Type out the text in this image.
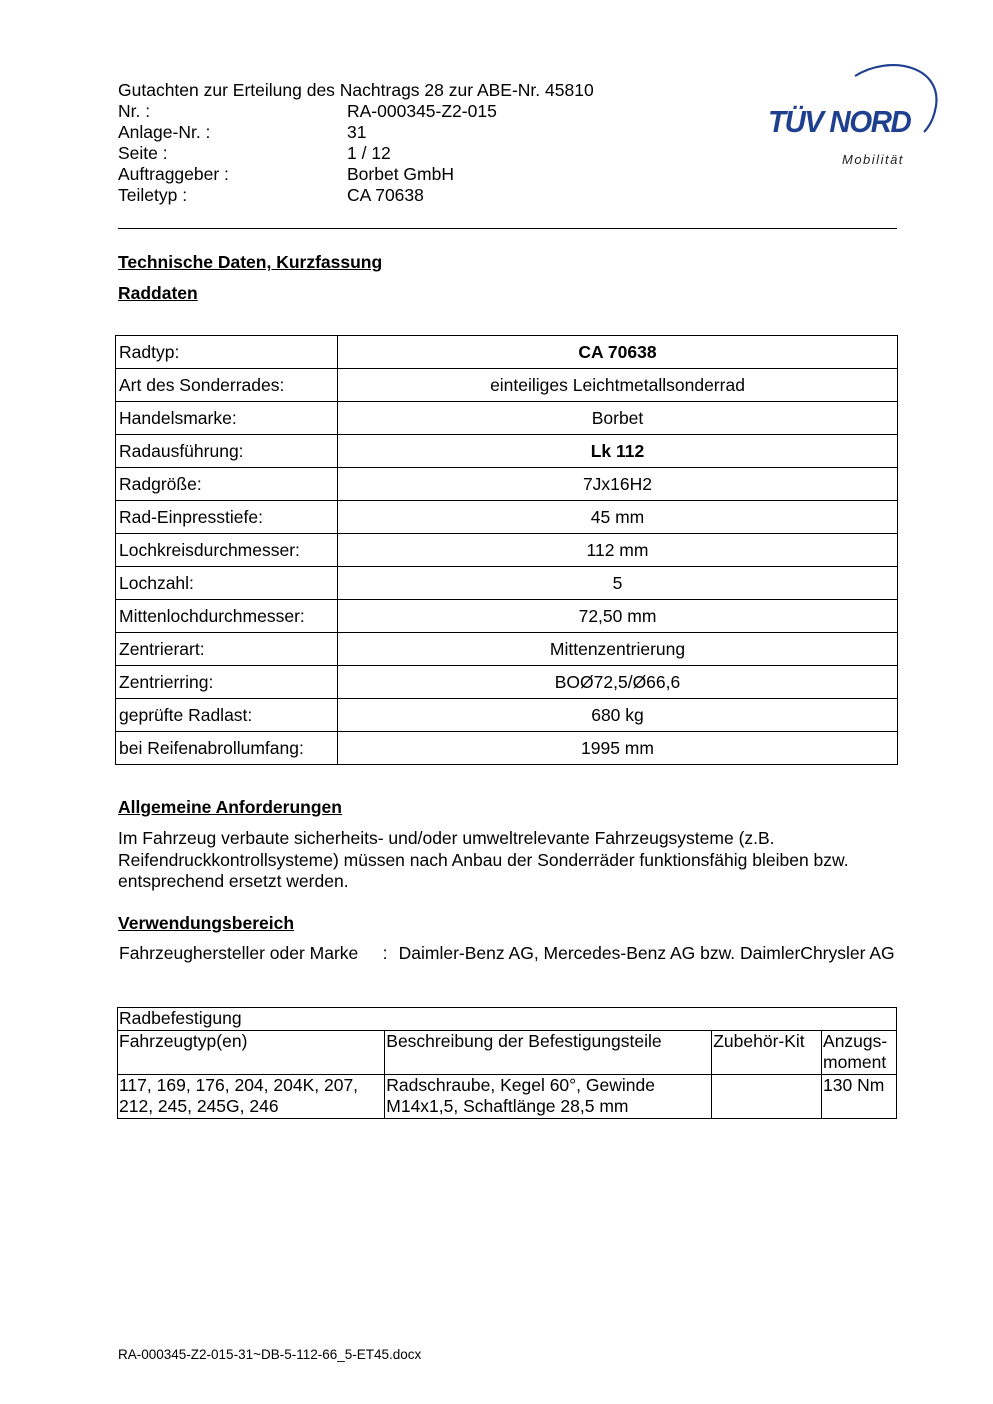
Gutachten zur Erteilung des Nachtrags 28 zur ABE-Nr. 45810
Nr. :	RA-000345-Z2-015
Anlage-Nr. :	31
Seite :	1 / 12
Auftraggeber :	Borbet GmbH
Teiletyp :	CA 70638
TÜV NORD
Mobilität
Technische Daten, Kurzfassung
Raddaten
Radtyp:	CA 70638
Art des Sonderrades:	einteiliges Leichtmetallsonderrad
Handelsmarke:	Borbet
Radausführung:	Lk 112
Radgröße:	7Jx16H2
Rad-Einpresstiefe:	45 mm
Lochkreisdurchmesser:	112 mm
Lochzahl:	5
Mittenlochdurchmesser:	72,50 mm
Zentrierart:	Mittenzentrierung
Zentrierring:	BOØ72,5/Ø66,6
geprüfte Radlast:	680 kg
bei Reifenabrollumfang:	1995 mm
Allgemeine Anforderungen
Im Fahrzeug verbaute sicherheits- und/oder umweltrelevante Fahrzeugsysteme (z.B. Reifendruckkontrollsysteme) müssen nach Anbau der Sonderräder funktionsfähig bleiben bzw. entsprechend ersetzt werden.
Verwendungsbereich
Fahrzeughersteller oder Marke	: Daimler-Benz AG, Mercedes-Benz AG bzw. DaimlerChrysler AG
Radbefestigung			
Fahrzeugtyp(en)	Beschreibung der Befestigungsteile	Zubehör-Kit	Anzugs-moment
117, 169, 176, 204, 204K, 207, 212, 245, 245G, 246	Radschraube, Kegel 60°, Gewinde M14x1,5, Schaftlänge 28,5 mm		130 Nm
RA-000345-Z2-015-31~DB-5-112-66_5-ET45.docx
